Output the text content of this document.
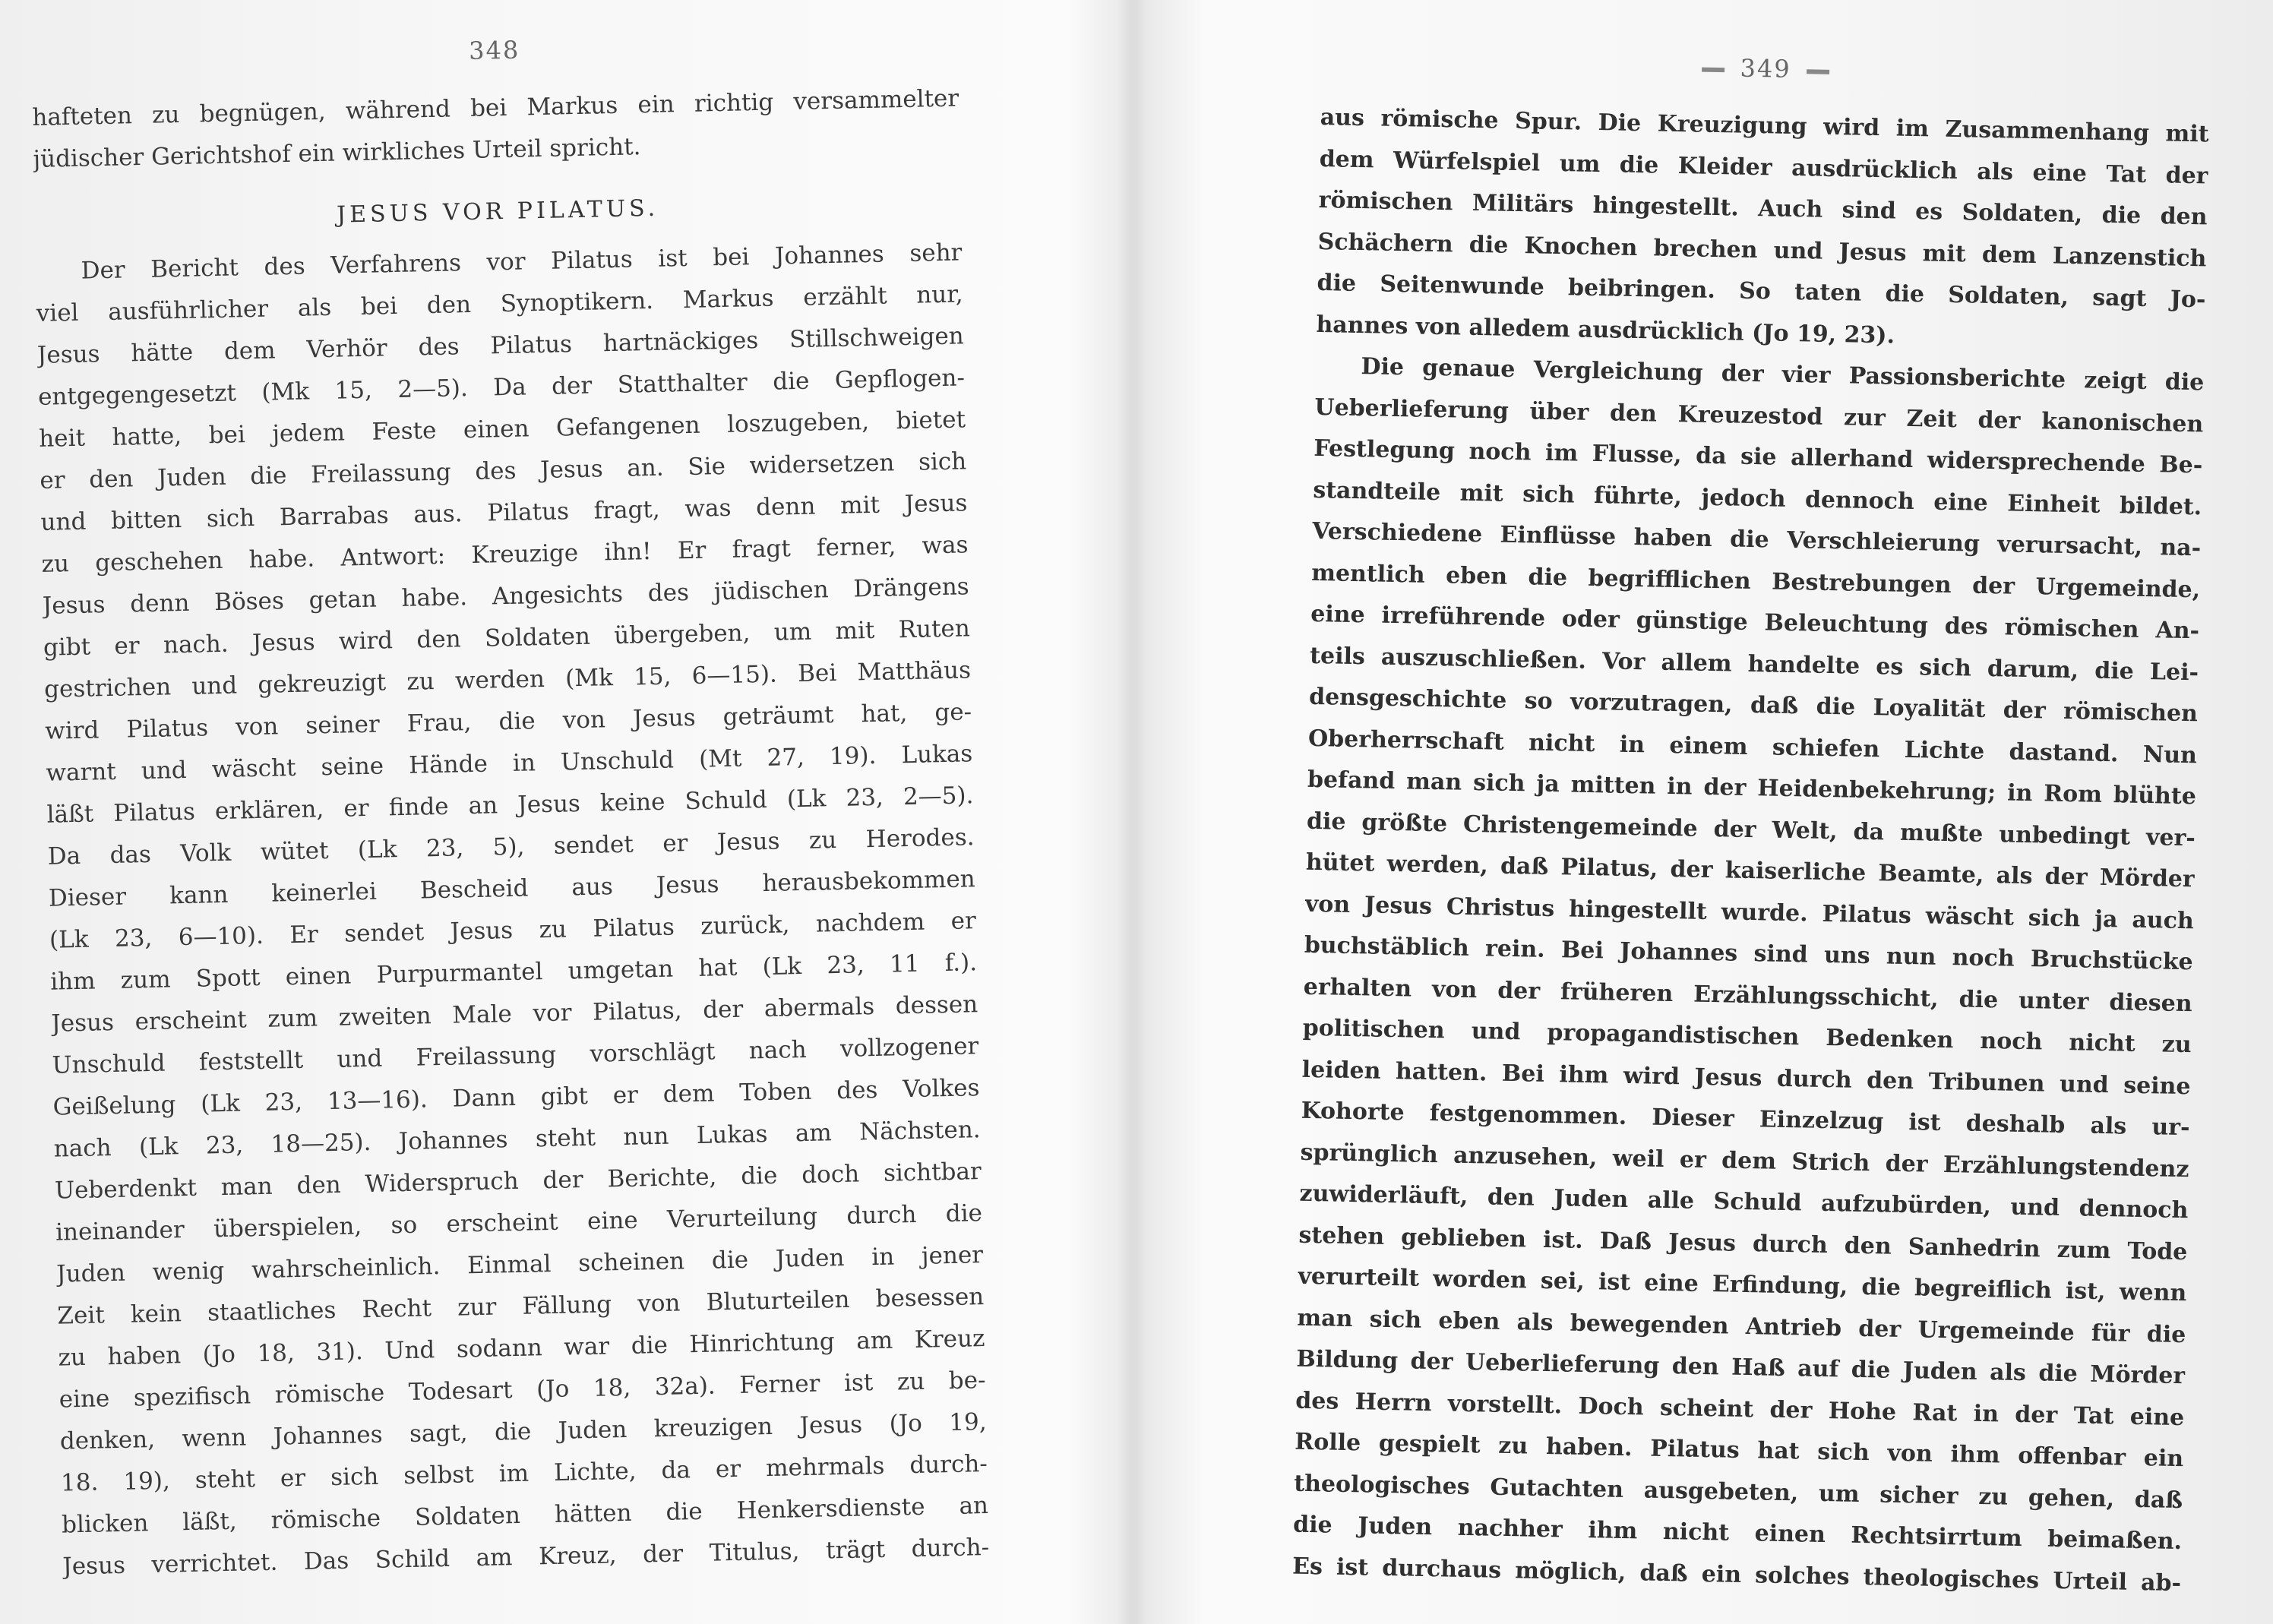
348
hafteten zu begnügen, während bei Markus ein richtig versammelter
jüdischer Gerichtshof ein wirkliches Urteil spricht.
JESUS VOR PILATUS.
Der Bericht des Verfahrens vor Pilatus ist bei Johannes sehr
viel ausführlicher als bei den Synoptikern. Markus erzählt nur,
Jesus hätte dem Verhör des Pilatus hartnäckiges Stillschweigen
entgegengesetzt (Mk 15, 2—5). Da der Statthalter die Gepflogen-
heit hatte, bei jedem Feste einen Gefangenen loszugeben, bietet
er den Juden die Freilassung des Jesus an. Sie widersetzen sich
und bitten sich Barrabas aus. Pilatus fragt, was denn mit Jesus
zu geschehen habe. Antwort: Kreuzige ihn! Er fragt ferner, was
Jesus denn Böses getan habe. Angesichts des jüdischen Drängens
gibt er nach. Jesus wird den Soldaten übergeben, um mit Ruten
gestrichen und gekreuzigt zu werden (Mk 15, 6—15). Bei Matthäus
wird Pilatus von seiner Frau, die von Jesus geträumt hat, ge-
warnt und wäscht seine Hände in Unschuld (Mt 27, 19). Lukas
läßt Pilatus erklären, er finde an Jesus keine Schuld (Lk 23, 2—5).
Da das Volk wütet (Lk 23, 5), sendet er Jesus zu Herodes.
Dieser kann keinerlei Bescheid aus Jesus herausbekommen
(Lk 23, 6—10). Er sendet Jesus zu Pilatus zurück, nachdem er
ihm zum Spott einen Purpurmantel umgetan hat (Lk 23, 11 f.).
Jesus erscheint zum zweiten Male vor Pilatus, der abermals dessen
Unschuld feststellt und Freilassung vorschlägt nach vollzogener
Geißelung (Lk 23, 13—16). Dann gibt er dem Toben des Volkes
nach (Lk 23, 18—25). Johannes steht nun Lukas am Nächsten.
Ueberdenkt man den Widerspruch der Berichte, die doch sichtbar
ineinander überspielen, so erscheint eine Verurteilung durch die
Juden wenig wahrscheinlich. Einmal scheinen die Juden in jener
Zeit kein staatliches Recht zur Fällung von Bluturteilen besessen
zu haben (Jo 18, 31). Und sodann war die Hinrichtung am Kreuz
eine spezifisch römische Todesart (Jo 18, 32a). Ferner ist zu be-
denken, wenn Johannes sagt, die Juden kreuzigen Jesus (Jo 19,
18. 19), steht er sich selbst im Lichte, da er mehrmals durch-
blicken läßt, römische Soldaten hätten die Henkersdienste an
Jesus verrichtet. Das Schild am Kreuz, der Titulus, trägt durch-
349
aus römische Spur. Die Kreuzigung wird im Zusammenhang mit
dem Würfelspiel um die Kleider ausdrücklich als eine Tat der
römischen Militärs hingestellt. Auch sind es Soldaten, die den
Schächern die Knochen brechen und Jesus mit dem Lanzenstich
die Seitenwunde beibringen. So taten die Soldaten, sagt Jo-
hannes von alledem ausdrücklich (Jo 19, 23).
Die genaue Vergleichung der vier Passionsberichte zeigt die
Ueberlieferung über den Kreuzestod zur Zeit der kanonischen
Festlegung noch im Flusse, da sie allerhand widersprechende Be-
standteile mit sich führte, jedoch dennoch eine Einheit bildet.
Verschiedene Einflüsse haben die Verschleierung verursacht, na-
mentlich eben die begrifflichen Bestrebungen der Urgemeinde,
eine irreführende oder günstige Beleuchtung des römischen An-
teils auszuschließen. Vor allem handelte es sich darum, die Lei-
densgeschichte so vorzutragen, daß die Loyalität der römischen
Oberherrschaft nicht in einem schiefen Lichte dastand. Nun
befand man sich ja mitten in der Heidenbekehrung; in Rom blühte
die größte Christengemeinde der Welt, da mußte unbedingt ver-
hütet werden, daß Pilatus, der kaiserliche Beamte, als der Mörder
von Jesus Christus hingestellt wurde. Pilatus wäscht sich ja auch
buchstäblich rein. Bei Johannes sind uns nun noch Bruchstücke
erhalten von der früheren Erzählungsschicht, die unter diesen
politischen und propagandistischen Bedenken noch nicht zu
leiden hatten. Bei ihm wird Jesus durch den Tribunen und seine
Kohorte festgenommen. Dieser Einzelzug ist deshalb als ur-
sprünglich anzusehen, weil er dem Strich der Erzählungstendenz
zuwiderläuft, den Juden alle Schuld aufzubürden, und dennoch
stehen geblieben ist. Daß Jesus durch den Sanhedrin zum Tode
verurteilt worden sei, ist eine Erfindung, die begreiflich ist, wenn
man sich eben als bewegenden Antrieb der Urgemeinde für die
Bildung der Ueberlieferung den Haß auf die Juden als die Mörder
des Herrn vorstellt. Doch scheint der Hohe Rat in der Tat eine
Rolle gespielt zu haben. Pilatus hat sich von ihm offenbar ein
theologisches Gutachten ausgebeten, um sicher zu gehen, daß
die Juden nachher ihm nicht einen Rechtsirrtum beimaßen.
Es ist durchaus möglich, daß ein solches theologisches Urteil ab-
